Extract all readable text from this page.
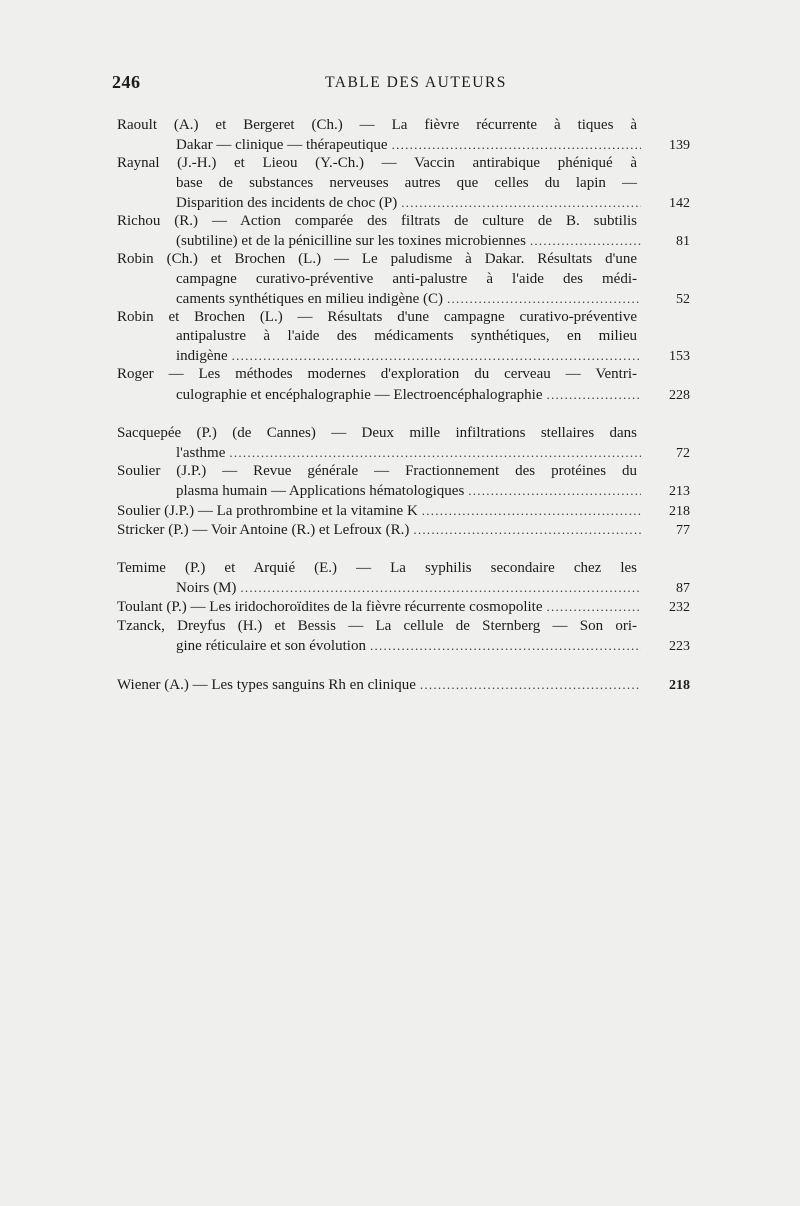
246	TABLE DES AUTEURS
Raoult (A.) et Bergeret (Ch.) — La fièvre récurrente à tiques à
Dakar — clinique — thérapeutique . . .	139
Raynal (J.-H.) et Lieou (Y.-Ch.) — Vaccin antirabique phéniqué à
base de substances nerveuses autres que celles du lapin —
Disparition des incidents de choc (P) . . .	142
Richou (R.) — Action comparée des filtrats de culture de B. subtilis
(subtiline) et de la pénicilline sur les toxines microbiennes . . .	81
Robin (Ch.) et Brochen (L.) — Le paludisme à Dakar. Résultats d'une
campagne curativo-préventive anti-palustre à l'aide des médi-
caments synthétiques en milieu indigène (C) . . .	52
Robin et Brochen (L.) — Résultats d'une campagne curativo-préventive
antipalustre à l'aide des médicaments synthétiques, en milieu
indigène . . .	153
Roger — Les méthodes modernes d'exploration du cerveau — Ventri-
culographie et encéphalographie — Electroencéphalographie . . .	228
Sacquepée (P.) (de Cannes) — Deux mille infiltrations stellaires dans
l'asthme . . .	72
Soulier (J.P.) — Revue générale — Fractionnement des protéines du
plasma humain — Applications hématologiques . . .	213
Soulier (J.P.) — La prothrombine et la vitamine K . . .	218
Stricker (P.) — Voir Antoine (R.) et Lefroux (R.) . . .	77
Temime (P.) et Arquié (E.) — La syphilis secondaire chez les
Noirs (M) . . .	87
Toulant (P.) — Les iridochoroïdites de la fièvre récurrente cosmopolite . . .	232
Tzanck, Dreyfus (H.) et Bessis — La cellule de Sternberg — Son ori-
gine réticulaire et son évolution . . .	223
Wiener (A.) — Les types sanguins Rh en clinique . . .	218
